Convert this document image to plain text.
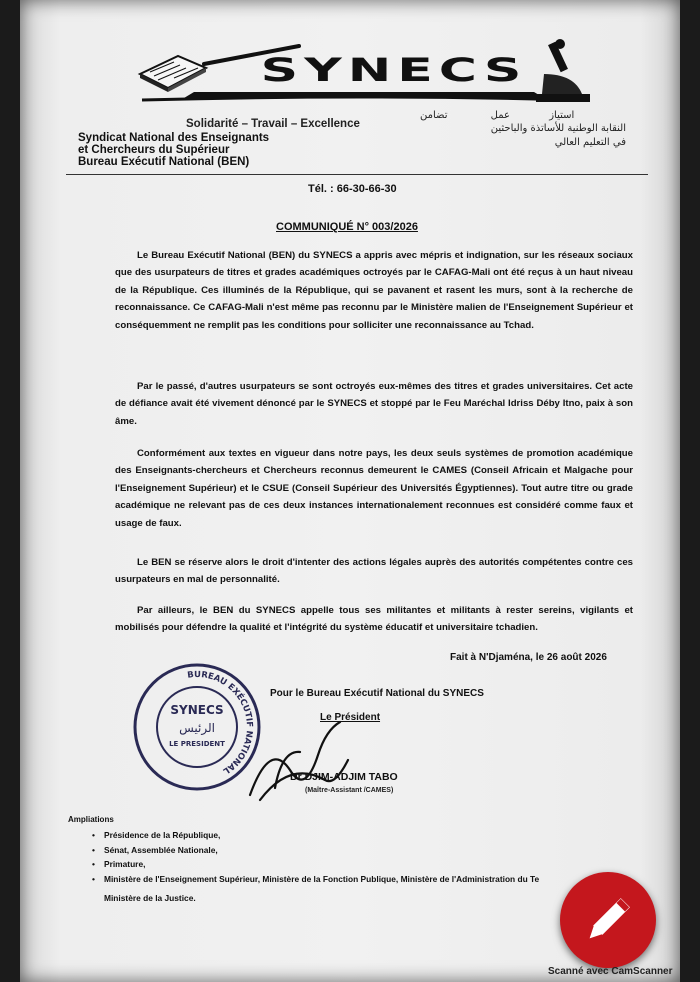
SYNECS
Solidarité – Travail – Excellence
استياز عمل تضامن
النقابة الوطنية للأساتذة والباحثين
في التعليم العالي
Syndicat National des Enseignants
et Chercheurs du Supérieur
Bureau Exécutif National (BEN)
Tél. : 66-30-66-30
COMMUNIQUÉ N° 003/2026
Le Bureau Exécutif National (BEN) du SYNECS a appris avec mépris et indignation, sur les réseaux sociaux que des usurpateurs de titres et grades académiques octroyés par le CAFAG-Mali ont été reçus à un haut niveau de la République. Ces illuminés de la République, qui se pavanent et rasent les murs, sont à la recherche de reconnaissance. Ce CAFAG-Mali n'est même pas reconnu par le Ministère malien de l'Enseignement Supérieur et conséquemment ne remplit pas les conditions pour solliciter une reconnaissance au Tchad.
Par le passé, d'autres usurpateurs se sont octroyés eux-mêmes des titres et grades universitaires. Cet acte de défiance avait été vivement dénoncé par le SYNECS et stoppé par le Feu Maréchal Idriss Déby Itno, paix à son âme.
Conformément aux textes en vigueur dans notre pays, les deux seuls systèmes de promotion académique des Enseignants-chercheurs et Chercheurs reconnus demeurent le CAMES (Conseil Africain et Malgache pour l'Enseignement Supérieur) et le CSUE (Conseil Supérieur des Universités Égyptiennes). Tout autre titre ou grade académique ne relevant pas de ces deux instances internationalement reconnues est considéré comme faux et usage de faux.
Le BEN se réserve alors le droit d'intenter des actions légales auprès des autorités compétentes contre ces usurpateurs en mal de personnalité.
Par ailleurs, le BEN du SYNECS appelle tous ses militantes et militants à rester sereins, vigilants et mobilisés pour défendre la qualité et l'intégrité du système éducatif et universitaire tchadien.
Fait à N'Djaména, le 26 août 2026
BUREAU EXÉCUTIF NATIONAL
SYNECS
الرئيس
LE PRESIDENT
Pour le Bureau Exécutif National du SYNECS
Le Président
Dr DJIM-ADJIM TABO
(Maître-Assistant /CAMES)
Ampliations
• Présidence de la République,
• Sénat, Assemblée Nationale,
• Primature,
• Ministère de l'Enseignement Supérieur, Ministère de la Fonction Publique, Ministère de l'Administration du Te
Ministère de la Justice.
Scanné avec CamScanner
